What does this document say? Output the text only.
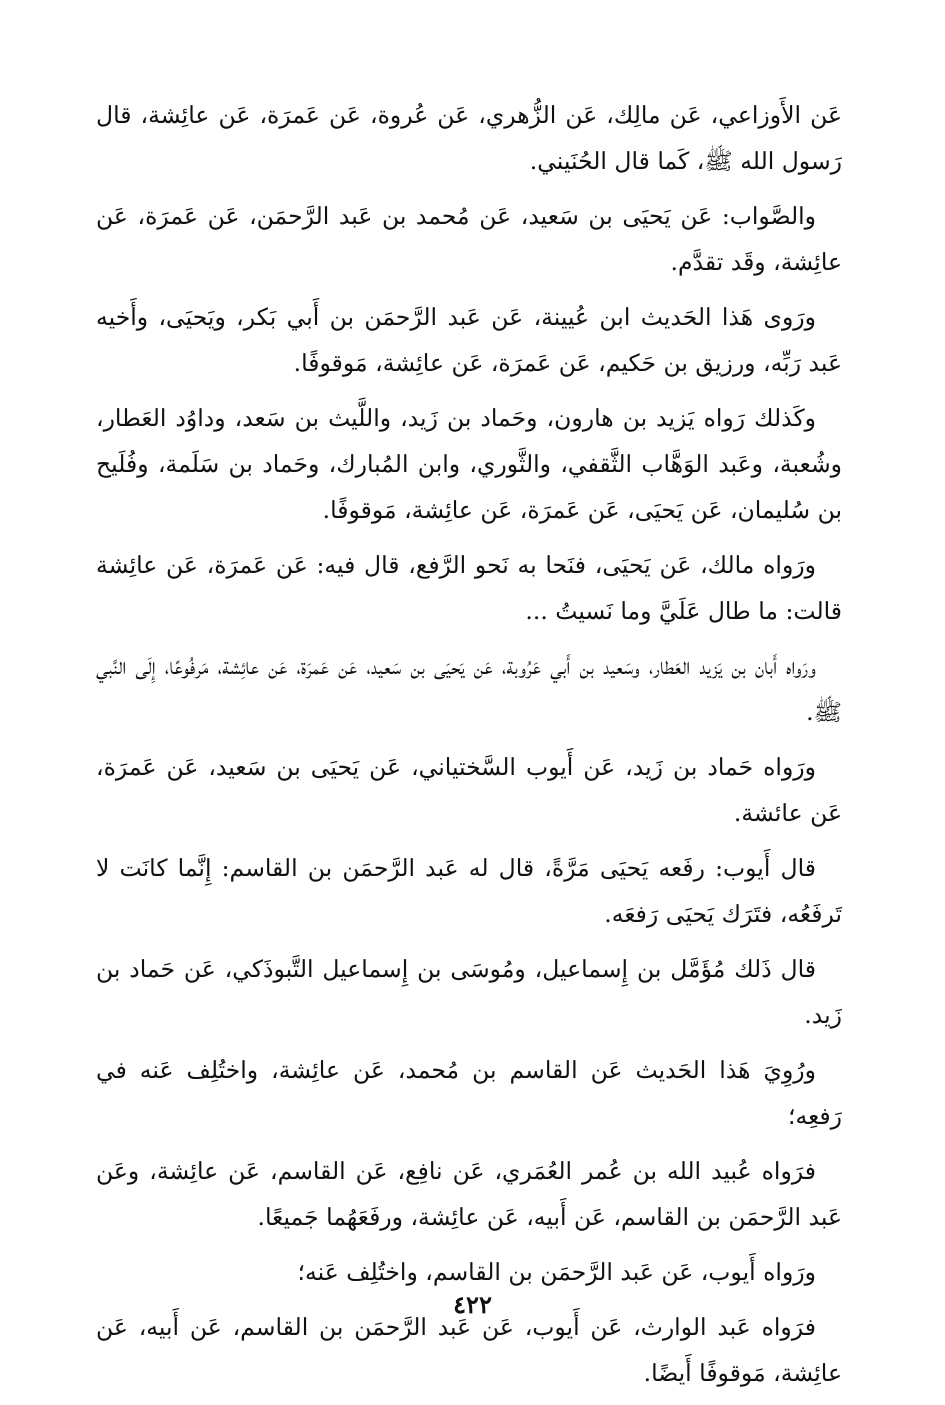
عَن الأَوزاعي، عَن مالِك، عَن الزُّهري، عَن عُروة، عَن عَمرَة، عَن عائِشة، قال رَسول الله ﷺ، كَما قال الحُنَيني.

والصَّواب: عَن يَحيَى بن سَعيد، عَن مُحمد بن عَبد الرَّحمَن، عَن عَمرَة، عَن عائِشة، وقَد تقدَّم.

ورَوى هَذا الحَديث ابن عُيينة، عَن عَبد الرَّحمَن بن أَبي بَكر، ويَحيَى، وأَخيه عَبد رَبِّه، ورزيق بن حَكيم، عَن عَمرَة، عَن عائِشة، مَوقوفًا.

وكَذلك رَواه يَزيد بن هارون، وحَماد بن زَيد، واللَّيث بن سَعد، وداوُد العَطار، وشُعبة، وعَبد الوَهَّاب الثَّقفي، والثَّوري، وابن المُبارك، وحَماد بن سَلَمة، وفُلَيح بن سُليمان، عَن يَحيَى، عَن عَمرَة، عَن عائِشة، مَوقوفًا.

ورَواه مالك، عَن يَحيَى، فنَحا به نَحو الرَّفع، قال فيه: عَن عَمرَة، عَن عائِشة قالت: ما طال عَلَيَّ وما نَسيتُ ...

ورَواه أَبان بن يَزيد العَطار، وسَعيد بن أَبي عَرُوبة، عَن يَحيَى بن سَعيد، عَن عَمرَة، عَن عائِشة، مَرفُوعًا، إِلَى النَّبي ﷺ.

ورَواه حَماد بن زَيد، عَن أَيوب السَّختياني، عَن يَحيَى بن سَعيد، عَن عَمرَة، عَن عائشة.

قال أَيوب: رفَعه يَحيَى مَرَّةً، قال له عَبد الرَّحمَن بن القاسم: إِنَّما كانَت لا تَرفَعُه، فتَرَك يَحيَى رَفعَه.

قال ذَلك مُؤَمَّل بن إِسماعيل، ومُوسَى بن إِسماعيل التَّبوذَكي، عَن حَماد بن زَيد.

ورُوِيَ هَذا الحَديث عَن القاسم بن مُحمد، عَن عائِشة، واختُلِف عَنه في رَفعِه؛

فرَواه عُبيد الله بن عُمر العُمَري، عَن نافِع، عَن القاسم، عَن عائِشة، وعَن عَبد الرَّحمَن بن القاسم، عَن أَبيه، عَن عائِشة، ورفَعَهُما جَميعًا.

ورَواه أَيوب، عَن عَبد الرَّحمَن بن القاسم، واختُلِف عَنه؛

فرَواه عَبد الوارث، عَن أَيوب، عَن عَبد الرَّحمَن بن القاسم، عَن أَبيه، عَن عائِشة، مَوقوفًا أَيضًا.

٤٢٢
